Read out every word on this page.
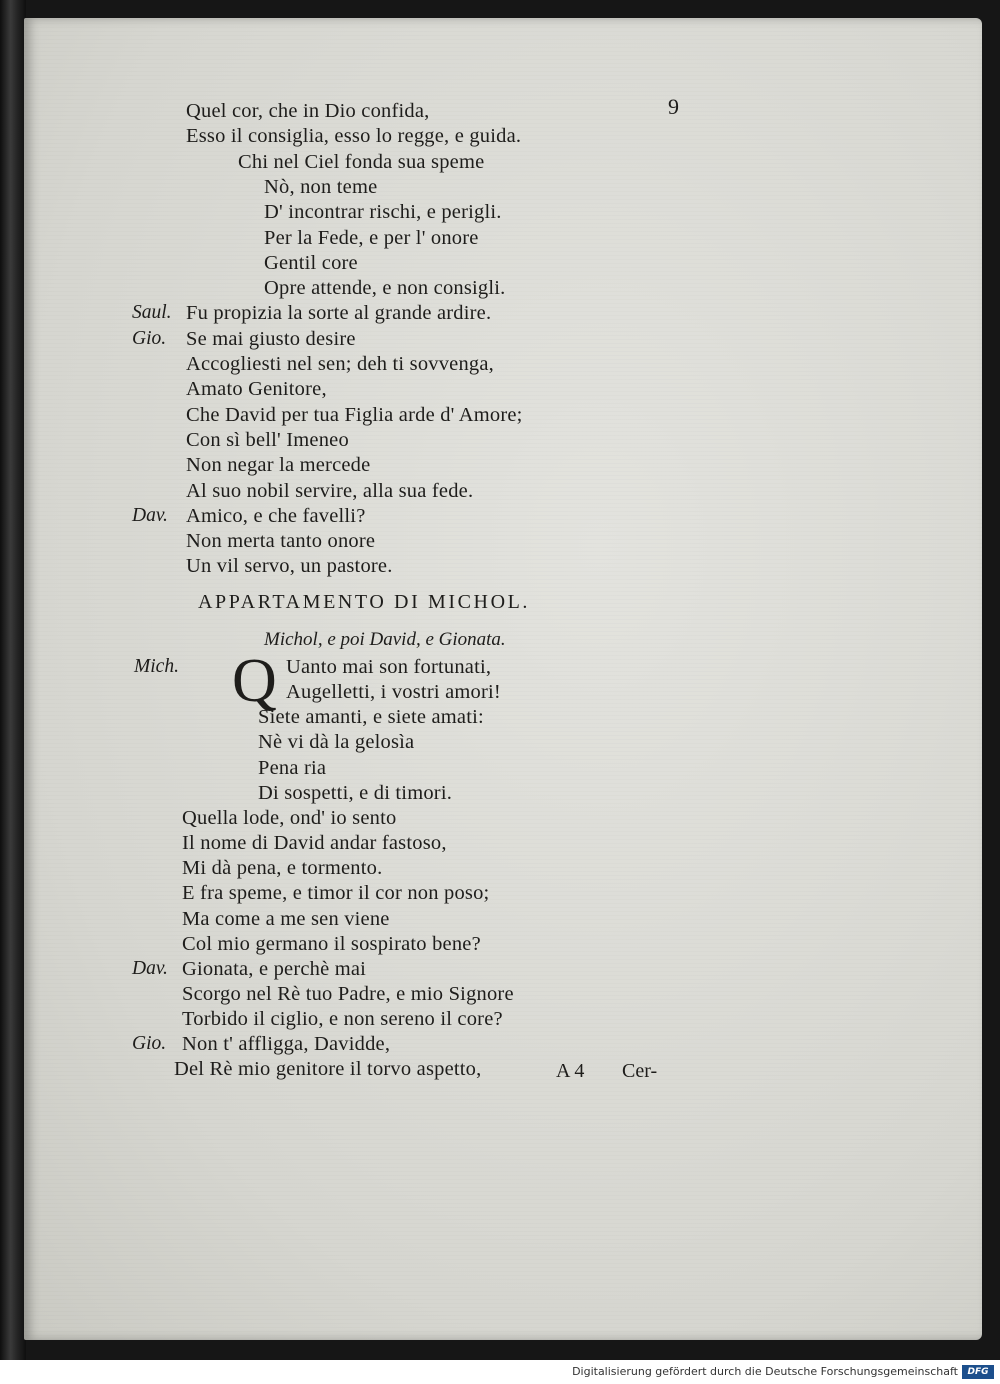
9
APPARTAMENTO DI MICHOL.
Michol, e poi David, e Gionata.
Mich. Q
A 4 Cer-
Quel cor, che in Dio confida,
Esso il consiglia, esso lo regge, e guida.
Chi nel Ciel fonda sua speme
Nò, non teme
D' incontrar rischi, e perigli.
Per la Fede, e per l' onore
Gentil core
Opre attende, e non consigli.
Saul. Fu propizia la sorte al grande ardire.
Gio. Se mai giusto desire
Accogliesti nel sen; deh ti sovvenga,
Amato Genitore,
Che David per tua Figlia arde d' Amore;
Con sì bell' Imeneo
Non negar la mercede
Al suo nobil servire, alla sua fede.
Dav. Amico, e che favelli?
Non merta tanto onore
Un vil servo, un pastore.
Uanto mai son fortunati,
Augelletti, i vostri amori!
Siete amanti, e siete amati:
Nè vi dà la gelosìa
Pena ria
Di sospetti, e di timori.
Quella lode, ond' io sento
Il nome di David andar fastoso,
Mi dà pena, e tormento.
E fra speme, e timor il cor non poso;
Ma come a me sen viene
Col mio germano il sospirato bene?
Dav. Gionata, e perchè mai
Scorgo nel Rè tuo Padre, e mio Signore
Torbido il ciglio, e non sereno il core?
Gio. Non t' affligga, Davidde,
Del Rè mio genitore il torvo aspetto,
Digitalisierung gefördert durch die Deutsche Forschungsgemeinschaft	DFG
